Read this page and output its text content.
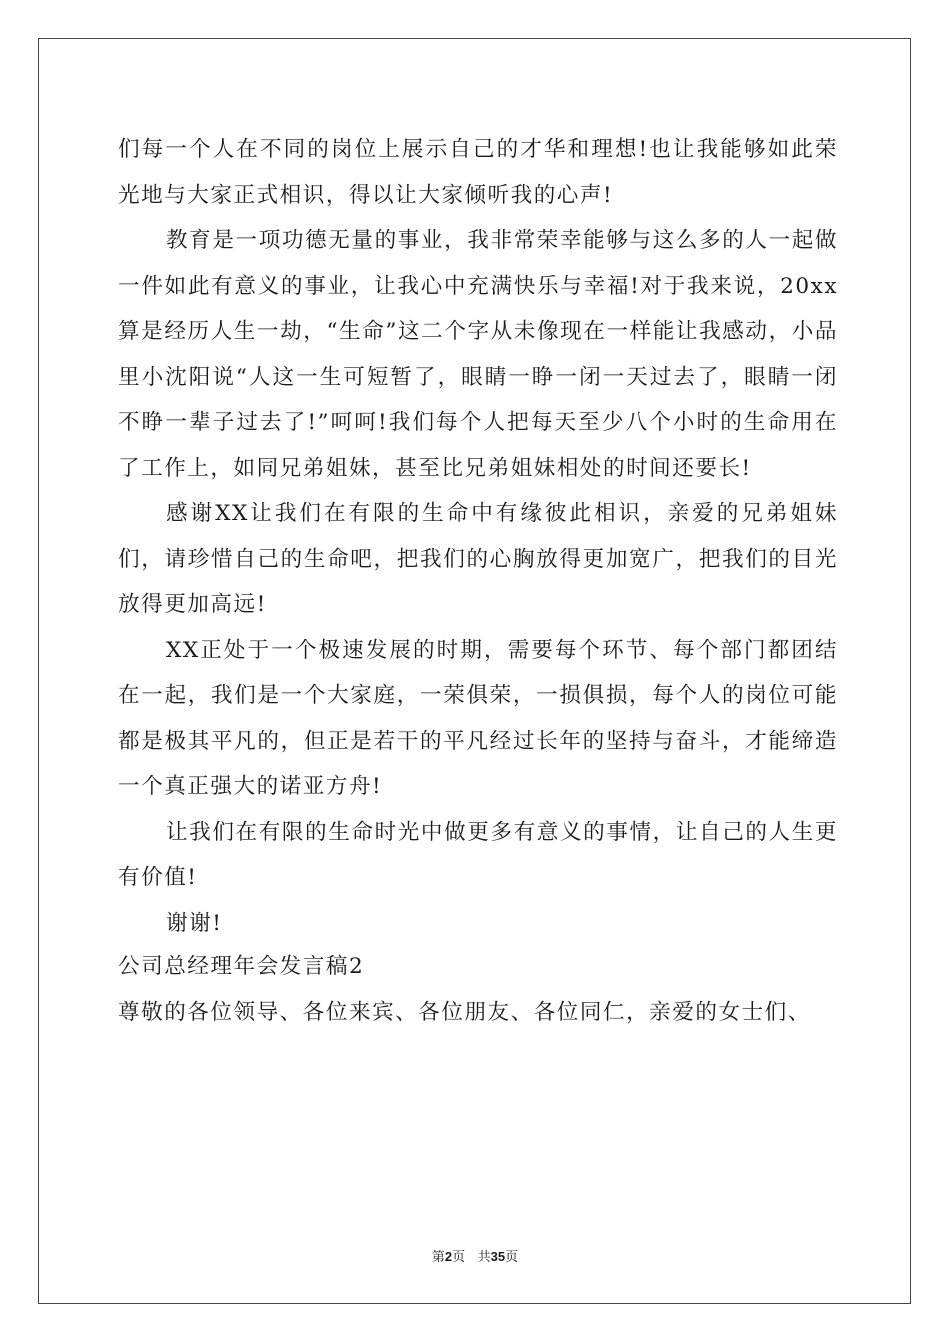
们每一个人在不同的岗位上展示自己的才华和理想!也让我能够如此荣光地与大家正式相识，得以让大家倾听我的心声!

教育是一项功德无量的事业，我非常荣幸能够与这么多的人一起做一件如此有意义的事业，让我心中充满快乐与幸福!对于我来说，20xx算是经历人生一劫，“生命”这二个字从未像现在一样能让我感动，小品里小沈阳说“人这一生可短暂了，眼睛一睁一闭一天过去了，眼睛一闭不睁一辈子过去了!”呵呵!我们每个人把每天至少八个小时的生命用在了工作上，如同兄弟姐妹，甚至比兄弟姐妹相处的时间还要长!

感谢XX让我们在有限的生命中有缘彼此相识，亲爱的兄弟姐妹们，请珍惜自己的生命吧，把我们的心胸放得更加宽广，把我们的目光放得更加高远!

XX正处于一个极速发展的时期，需要每个环节、每个部门都团结在一起，我们是一个大家庭，一荣俱荣，一损俱损，每个人的岗位可能都是极其平凡的，但正是若干的平凡经过长年的坚持与奋斗，才能缔造一个真正强大的诺亚方舟!

让我们在有限的生命时光中做更多有意义的事情，让自己的人生更有价值!

谢谢!

公司总经理年会发言稿2

尊敬的各位领导、各位来宾、各位朋友、各位同仁，亲爱的女士们、

第2页 共35页
